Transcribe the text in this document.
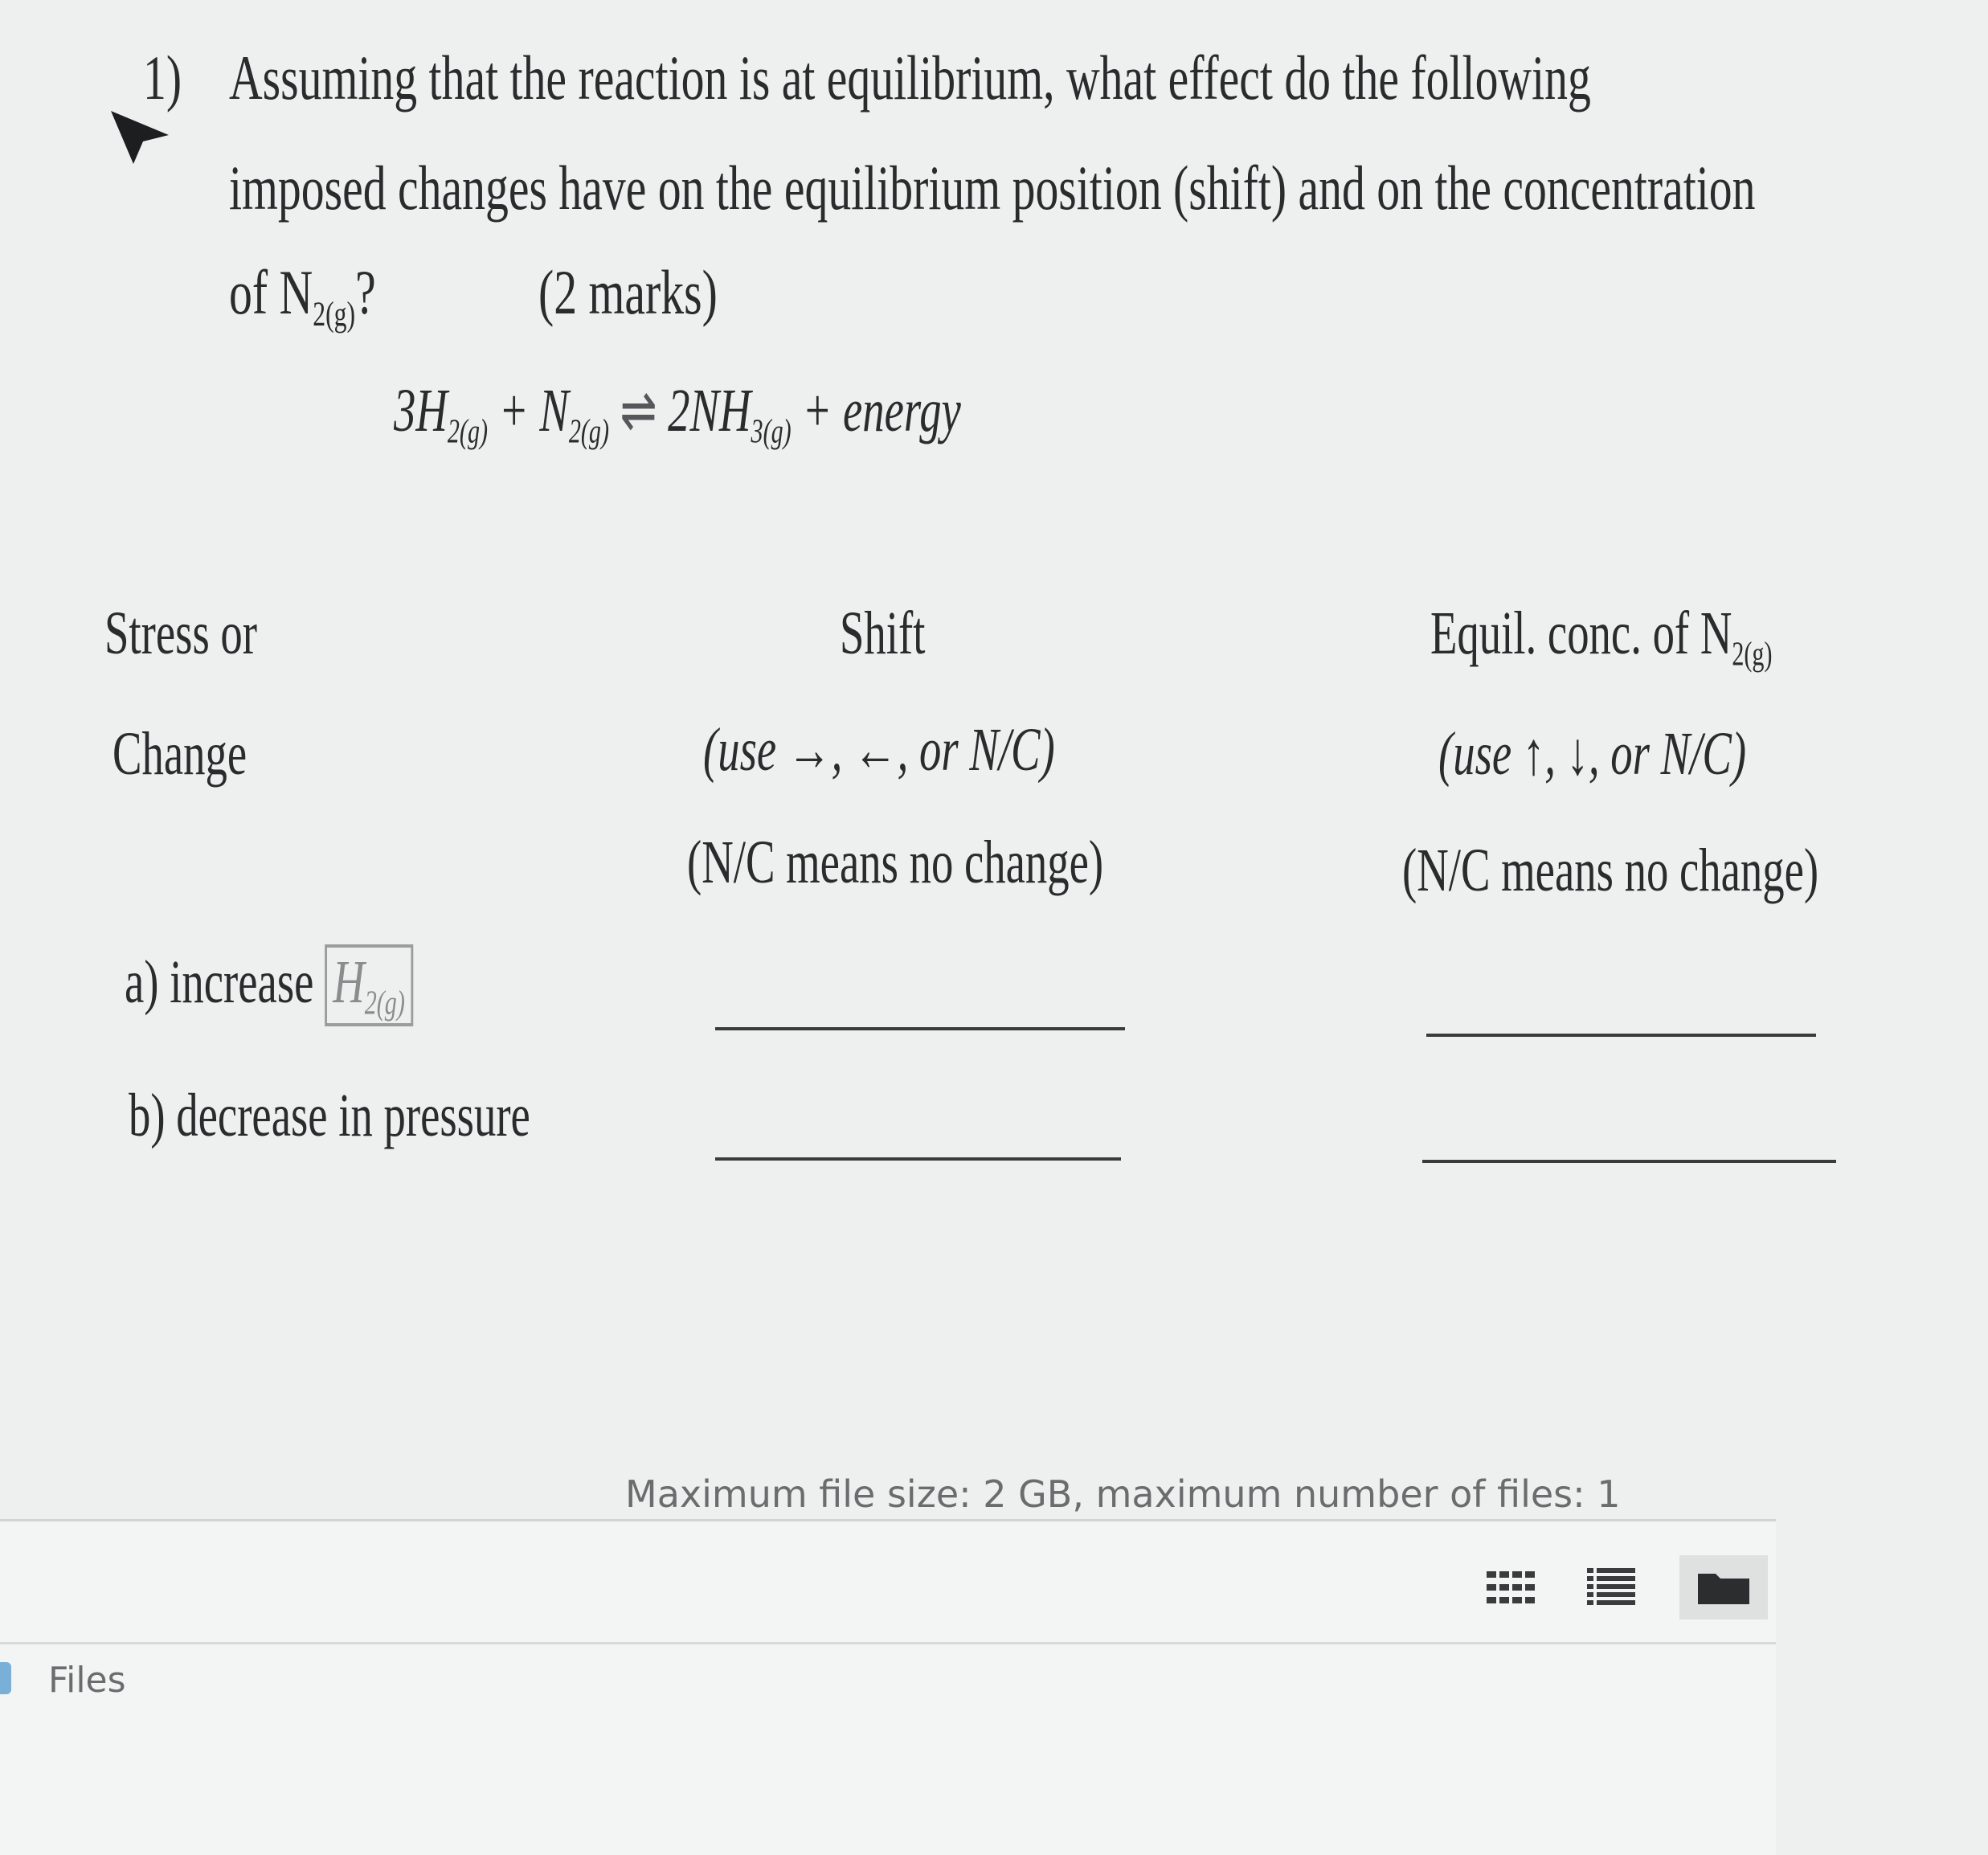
1) Assuming that the reaction is at equilibrium, what effect do the following
imposed changes have on the equilibrium position (shift) and on the concentration
of $N_{2(g)}$?	(2 marks)
$3H_{2(g)} + N_{2(g)}$ ⇌ $2NH_{3(g)}$ + energy
Stress or
Change
Shift
(use →, ←, or N/C)
(N/C means no change)
Equil. conc. of $N_{2(g)}$
(use ↑, ↓, or N/C)
(N/C means no change)
a) increase $H_{2(g)}$
b) decrease in pressure
Maximum file size: 2 GB, maximum number of files: 1
Files
